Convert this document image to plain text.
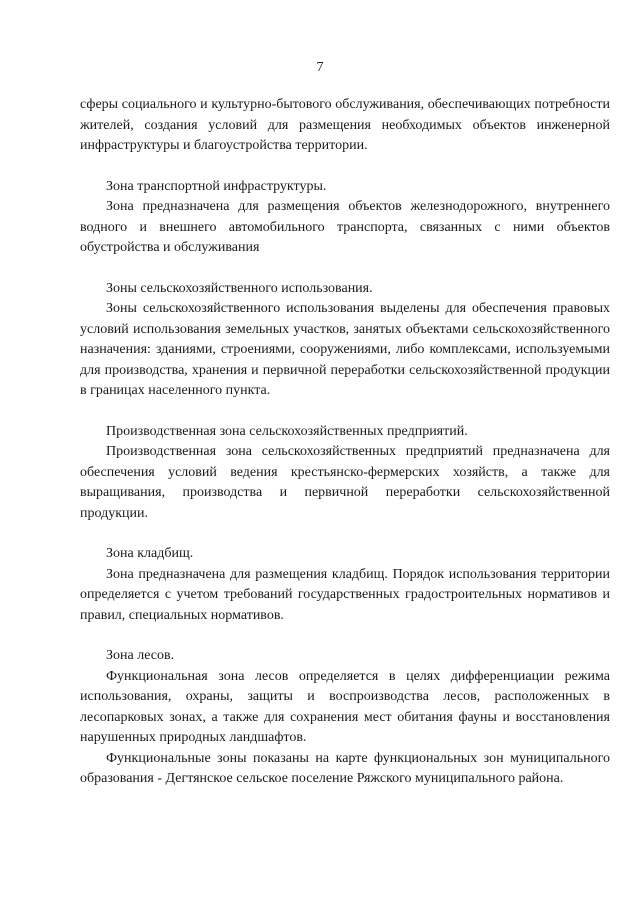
7

сферы социального и культурно-бытового обслуживания, обеспечивающих потребности жителей, создания условий для размещения необходимых объектов инженерной инфраструктуры и благоустройства территории.

Зона транспортной инфраструктуры.

Зона предназначена для размещения объектов железнодорожного, внутреннего водного и внешнего автомобильного транспорта, связанных с ними объектов обустройства и обслуживания

Зоны сельскохозяйственного использования.

Зоны сельскохозяйственного использования выделены для обеспечения правовых условий использования земельных участков, занятых объектами сельскохозяйственного назначения: зданиями, строениями, сооружениями, либо комплексами, используемыми для производства, хранения и первичной переработки сельскохозяйственной продукции в границах населенного пункта.

Производственная зона сельскохозяйственных предприятий.

Производственная зона сельскохозяйственных предприятий предназначена для обеспечения условий ведения крестьянско-фермерских хозяйств, а также для выращивания, производства и первичной переработки сельскохозяйственной продукции.

Зона кладбищ.

Зона предназначена для размещения кладбищ. Порядок использования территории определяется с учетом требований государственных градостроительных нормативов и правил, специальных нормативов.

Зона лесов.

Функциональная зона лесов определяется в целях дифференциации режима использования, охраны, защиты и воспроизводства лесов, расположенных в лесопарковых зонах, а также для сохранения мест обитания фауны и восстановления нарушенных природных ландшафтов.

Функциональные зоны показаны на карте функциональных зон муниципального образования - Дегтянское сельское поселение Ряжского муниципального района.
